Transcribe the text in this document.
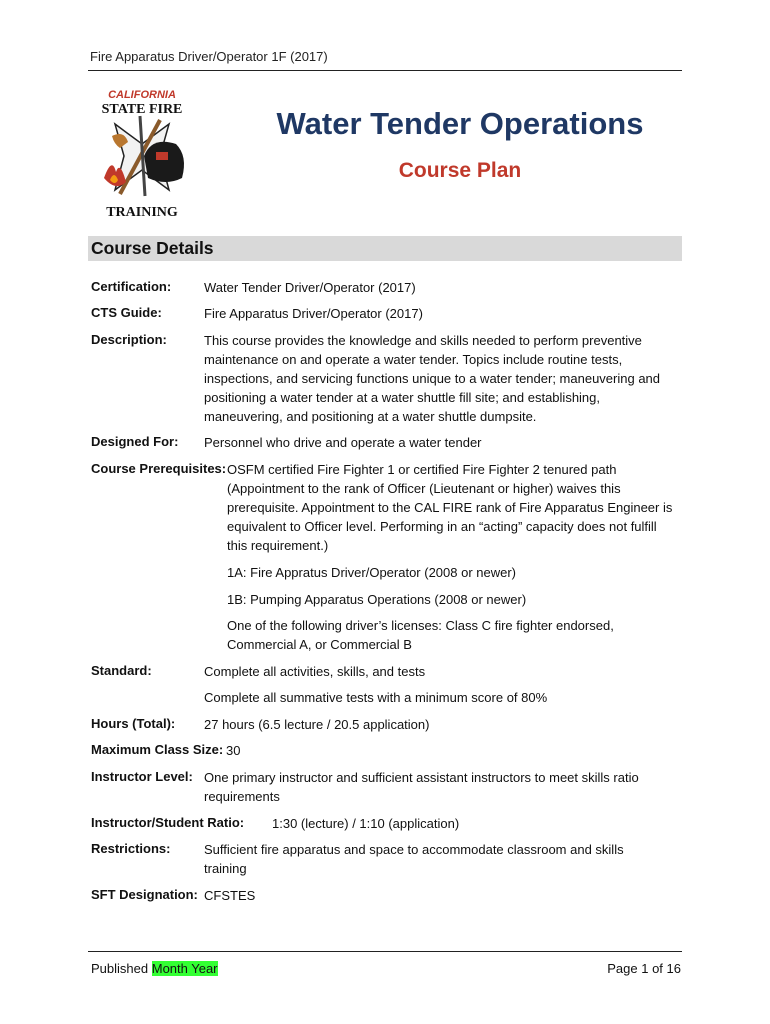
Fire Apparatus Driver/Operator 1F (2017)
CALIFORNIA
STATE FIRE
TRAINING
Water Tender Operations
Course Plan
Course Details
Certification:	Water Tender Driver/Operator (2017)
CTS Guide:	Fire Apparatus Driver/Operator (2017)
Description:	This course provides the knowledge and skills needed to perform preventive maintenance on and operate a water tender. Topics include routine tests, inspections, and servicing functions unique to a water tender; maneuvering and positioning a water tender at a water shuttle fill site; and establishing, maneuvering, and positioning at a water shuttle dumpsite.
Designed For: Personnel who drive and operate a water tender
Course Prerequisites: OSFM certified Fire Fighter 1 or certified Fire Fighter 2 tenured path (Appointment to the rank of Officer (Lieutenant or higher) waives this prerequisite. Appointment to the CAL FIRE rank of Fire Apparatus Engineer is equivalent to Officer level. Performing in an “acting” capacity does not fulfill this requirement.)
1A: Fire Appratus Driver/Operator (2008 or newer)
1B: Pumping Apparatus Operations (2008 or newer)
One of the following driver’s licenses: Class C fire fighter endorsed, Commercial A, or Commercial B
Standard:	Complete all activities, skills, and tests
Complete all summative tests with a minimum score of 80%
Hours (Total): 27 hours (6.5 lecture / 20.5 application)
Maximum Class Size: 30
Instructor Level: One primary instructor and sufficient assistant instructors to meet skills ratio requirements
Instructor/Student Ratio: 1:30 (lecture) / 1:10 (application)
Restrictions:	Sufficient fire apparatus and space to accommodate classroom and skills training
SFT Designation: CFSTES
Published Month Year	Page 1 of 16
